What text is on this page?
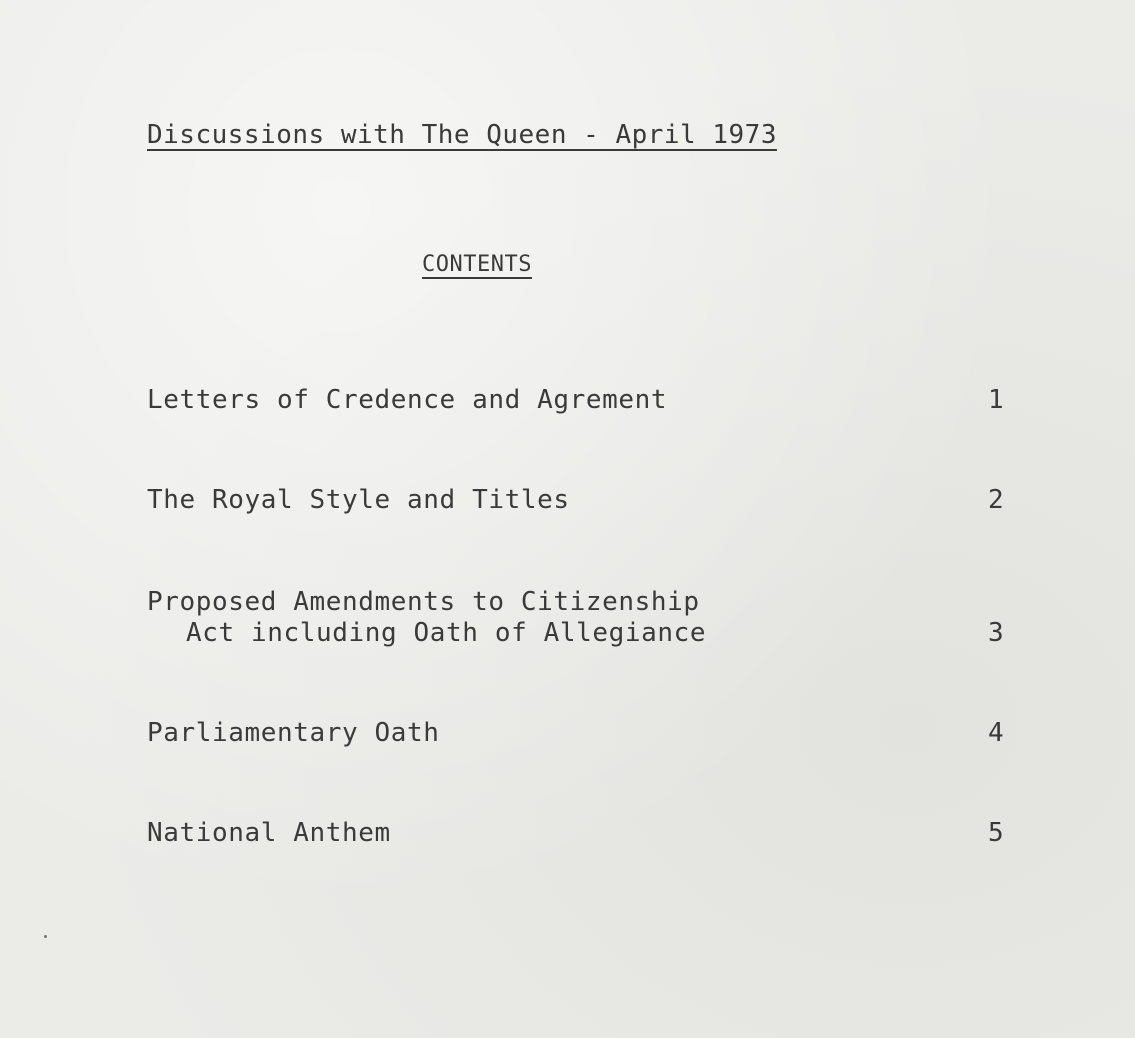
Discussions with The Queen - April 1973
CONTENTS
Letters of Credence and Agrement	1
The Royal Style and Titles	2
Proposed Amendments to Citizenship
Act including Oath of Allegiance	3
Parliamentary Oath	4
National Anthem	5
